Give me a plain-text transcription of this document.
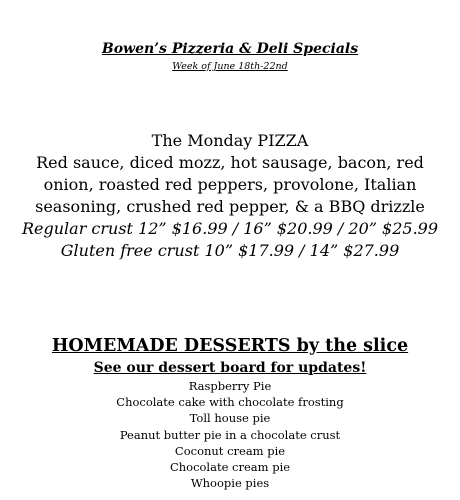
Bowen’s Pizzeria & Deli Specials
Week of June 18th-22nd
The Monday PIZZA
Red sauce, diced mozz, hot sausage, bacon, red onion, roasted red peppers, provolone, Italian seasoning, crushed red pepper, & a BBQ drizzle
Regular crust 12” $16.99 / 16” $20.99 / 20” $25.99
Gluten free crust 10” $17.99 / 14” $27.99
HOMEMADE DESSERTS by the slice
See our dessert board for updates!
Raspberry Pie
Chocolate cake with chocolate frosting
Toll house pie
Peanut butter pie in a chocolate crust
Coconut cream pie
Chocolate cream pie
Whoopie pies
